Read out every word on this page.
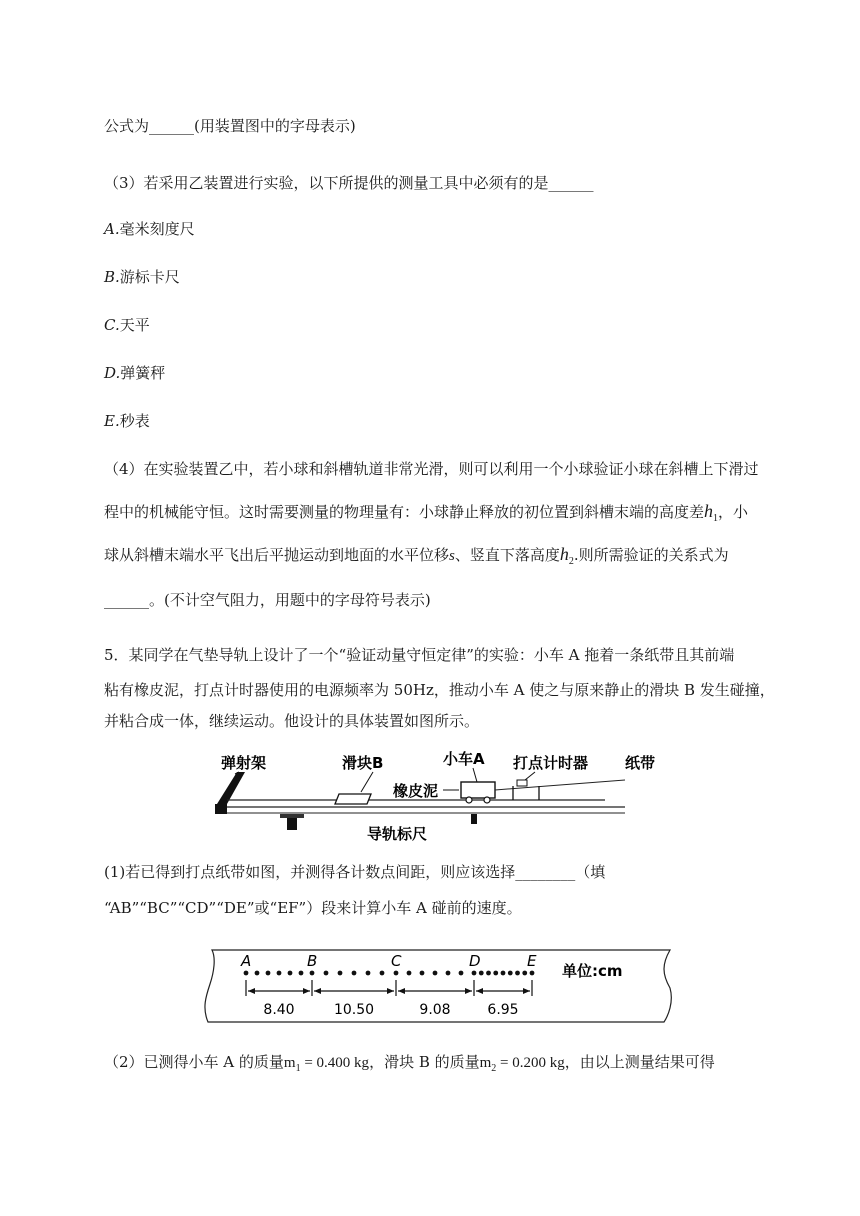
公式为______(用装置图中的字母表示)
（3）若采用乙装置进行实验，以下所提供的测量工具中必须有的是______
A.毫米刻度尺
B.游标卡尺
C.天平
D.弹簧秤
E.秒表
（4）在实验装置乙中，若小球和斜槽轨道非常光滑，则可以利用一个小球验证小球在斜槽上下滑过
程中的机械能守恒。这时需要测量的物理量有：小球静止释放的初位置到斜槽末端的高度差$h_1$，小
球从斜槽末端水平飞出后平抛运动到地面的水平位移s、竖直下落高度$h_2$.则所需验证的关系式为
______。(不计空气阻力，用题中的字母符号表示)
5．某同学在气垫导轨上设计了一个“验证动量守恒定律”的实验：小车 A 拖着一条纸带且其前端
粘有橡皮泥，打点计时器使用的电源频率为 50Hz，推动小车 A 使之与原来静止的滑块 B 发生碰撞，
并粘合成一体，继续运动。他设计的具体装置如图所示。
弹射架	滑块B	小车A 打点计时器 纸带
橡皮泥
导轨标尺
(1)若已得到打点纸带如图，并测得各计数点间距，则应该选择________（填
“AB”“BC”“CD”“DE”或“EF”）段来计算小车 A 碰前的速度。
A	B	C	D	E
单位:cm
8.40	10.50	9.08	6.95
（2）已测得小车 A 的质量$m_1 = 0.400$ kg，滑块 B 的质量$m_2 = 0.200$ kg，由以上测量结果可得
